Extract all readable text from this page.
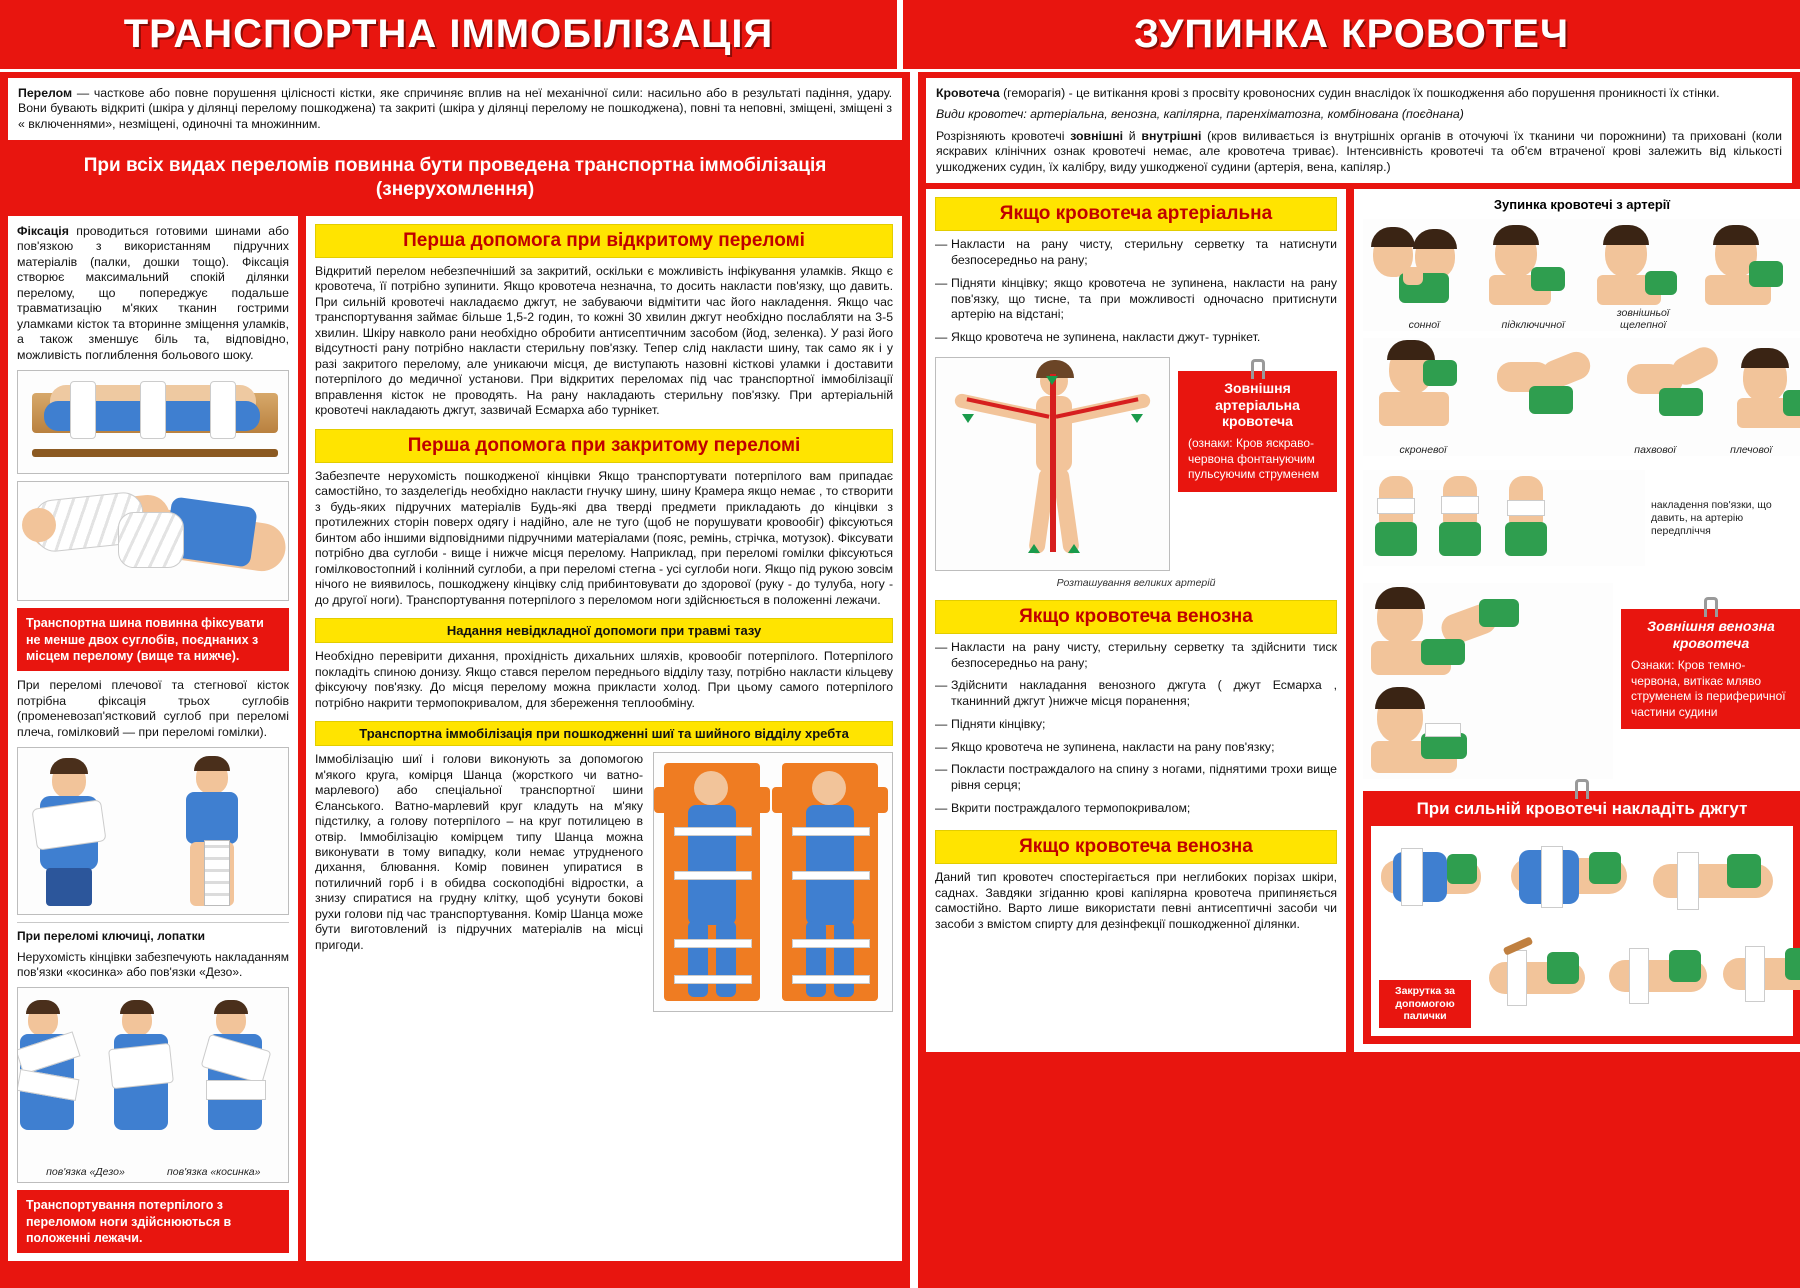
ТРАНСПОРТНА ІММОБІЛІЗАЦІЯ	ЗУПИНКА КРОВОТЕЧ

Перелом — часткове або повне порушення цілісності кістки, яке спричиняє вплив на неї механічної сили: насильно або в результаті падіння, удару. Вони бувають відкриті (шкіра у ділянці перелому пошкоджена) та закриті (шкіра у ділянці перелому не пошкоджена), повні та неповні, зміщені, зміщені з « включеннями», незміщені, одиночні та множинним.

При всіх видах переломів повинна бути проведена транспортна іммобілізація (знерухомлення)

Фіксація проводиться готовими шинами або пов'язкою з використанням підручних матеріалів (палки, дошки тощо). Фіксація створює максимальний спокій ділянки перелому, що попереджує подальше травматизацію м'яких тканин гострими уламками кісток та вторинне зміщення уламків, а також зменшує біль та, відповідно, можливість поглиблення больового шоку.

Транспортна шина повинна фіксувати не менше двох суглобів, поєднаних з місцем перелому (вище та нижче).

При переломі плечової та стегнової кісток потрібна фіксація трьох суглобів (променевозап'ястковий суглоб при переломі плеча, гомілковий — при переломі гомілки).

При переломі ключиці, лопатки

Нерухомість кінцівки забезпечують накладанням пов'язки «косинка» або пов'язки «Дезо».

пов'язка «Дезо»	пов'язка «косинка»
Транспортування потерпілого з переломом ноги здійснюються в положенні лежачи.
Перша допомога при відкритому переломі

Відкритий перелом небезпечніший за закритий, оскільки є можливість інфікування уламків. Якщо є кровотеча, її потрібно зупинити. Якщо кровотеча незначна, то досить накласти пов'язку, що давить. При сильній кровотечі накладаємо джгут, не забуваючи відмітити час його накладення. Якщо час транспортування займає більше 1,5-2 годин, то кожні 30 хвилин джгут необхідно послабляти на 3-5 хвилин. Шкіру навколо рани необхідно обробити антисептичним засобом (йод, зеленка). У разі його відсутності рану потрібно накласти стерильну пов'язку. Тепер слід накласти шину, так само як і у разі закритого перелому, але уникаючи місця, де виступають назовні кісткові уламки і доставити потерпілого до медичної установи. При відкритих переломах під час транспортної іммобілізації вправлення кісток не проводять. На рану накладають стерильну пов'язку. При артеріальній кровотечі накладають джгут, зазвичай Есмарха або турнікет.

Перша допомога при закритому переломі

Забезпечте нерухомість пошкодженої кінцівки Якщо транспортувати потерпілого вам припадає самостійно, то зазделегідь необхідно накласти гнучку шину, шину Крамера якщо немає , то створити з будь-яких підручних матеріалів Будь-які два тверді предмети прикладають до кінцівки з протилежних сторін поверх одягу і надійно, але не туго (щоб не порушувати кровообіг) фіксуються бинтом або іншими відповідними підручними матеріалами (пояс, ремінь, стрічка, мотузок). Фіксувати потрібно два суглоби - вище і нижче місця перелому. Наприклад, при переломі гомілки фіксуються гомілковостопний і колінний суглоби, а при переломі стегна - усі суглоби ноги. Якщо під рукою зовсім нічого не виявилось, пошкоджену кінцівку слід прибинтовувати до здорової (руку - до тулуба, ногу - до другої ноги). Транспортування потерпілого з переломом ноги здійснюється в положенні лежачи.

Надання невідкладної допомоги при травмі тазу

Необхідно перевірити дихання, прохідність дихальних шляхів, кровообіг потерпілого. Потерпілого покладіть спиною донизу. Якщо стався перелом переднього відділу тазу, потрібно накласти кільцеву фіксуючу пов'язку. До місця перелому можна прикласти холод. При цьому самого потерпілого потрібно накрити термопокривалом, для збереження теплообміну.

Транспортна іммобілізація при пошкодженні шиї та шийного відділу хребта

Іммобілізацію шиї і голови виконують за допомогою м'якого круга, комірця Шанца (жорсткого чи ватно-марлевого) або спеціальної транспортної шини Єланського. Ватно-марлевий круг кладуть на м'яку підстилку, а голову потерпілого – на круг потилицею в отвір. Іммобілізацію комірцем типу Шанца можна виконувати в тому випадку, коли немає утрудненого дихання, блювання. Комір повинен упиратися в потиличний горб і в обидва соскоподібні відростки, а знизу спиратися на грудну клітку, щоб усунути бокові рухи голови під час транспортування. Комір Шанца може бути виготовлений із підручних матеріалів на місці пригоди.

Кровотеча (геморагія) - це витікання крові з просвіту кровоносних судин внаслідок їх пошкодження або порушення проникності їх стінки.

Види кровотеч: артеріальна, венозна, капілярна, паренхіматозна, комбінована (поєднана)

Розрізняють кровотечі зовнішні й внутрішні (кров виливається із внутрішніх органів в оточуючі їх тканини чи порожнини) та приховані (коли яскравих клінічних ознак кровотечі немає, але кровотеча триває). Інтенсивність кровотечі та об'єм втраченої крові залежить від кількості ушкоджених судин, їх калібру, виду ушкодженої судини (артерія, вена, капіляр.)

Якщо кровотеча артеріальна
— Накласти на рану чисту, стерильну серветку та натиснути безпосередньо на рану;
— Підняти кінцівку; якщо кровотеча не зупинена, накласти на рану пов'язку, що тисне, та при можливості одночасно притиснути артерію на відстані;
— Якщо кровотеча не зупинена, накласти джут- турнікет.
Зовнішня артеріальна кровотеча
(ознаки: Кров яскраво-червона фонтануючим пульсуючим струменем
Розташування великих артерій
Якщо кровотеча венозна
— Накласти на рану чисту, стерильну серветку та здійснити тиск безпосередньо на рану;
— Здійснити накладання венозного джгута ( джут Есмарха , тканинний джгут )нижче місця поранення;
— Підняти кінцівку;
— Якщо кровотеча не зупинена, накласти на рану пов'язку;
— Покласти постраждалого на спину з ногами, піднятими трохи вище рівня серця;
— Вкрити постраждалого термопокривалом;
Якщо кровотеча венозна

Даний тип кровотеч спостерігається при неглибоких порізах шкіри, саднах. Завдяки згіданню крові капілярна кровотеча припиняється самостійно. Варто лише використати певні антисептичні засоби чи засоби з вмістом спирту для дезінфекції пошкодженної ділянки.

Зупинка кровотечі з артерії
сонної	підключичної
зовнішньої щелепної
скроневої	пахвової	плечової
накладення пов'язки, що давить, на артерію передпліччя
Зовнішня венозна кровотеча
Ознаки: Кров темно-червона, витікає мляво струменем із периферичної частини судини
При сильній кровотечі накладіть джгут
Закрутка за допомогою палички
